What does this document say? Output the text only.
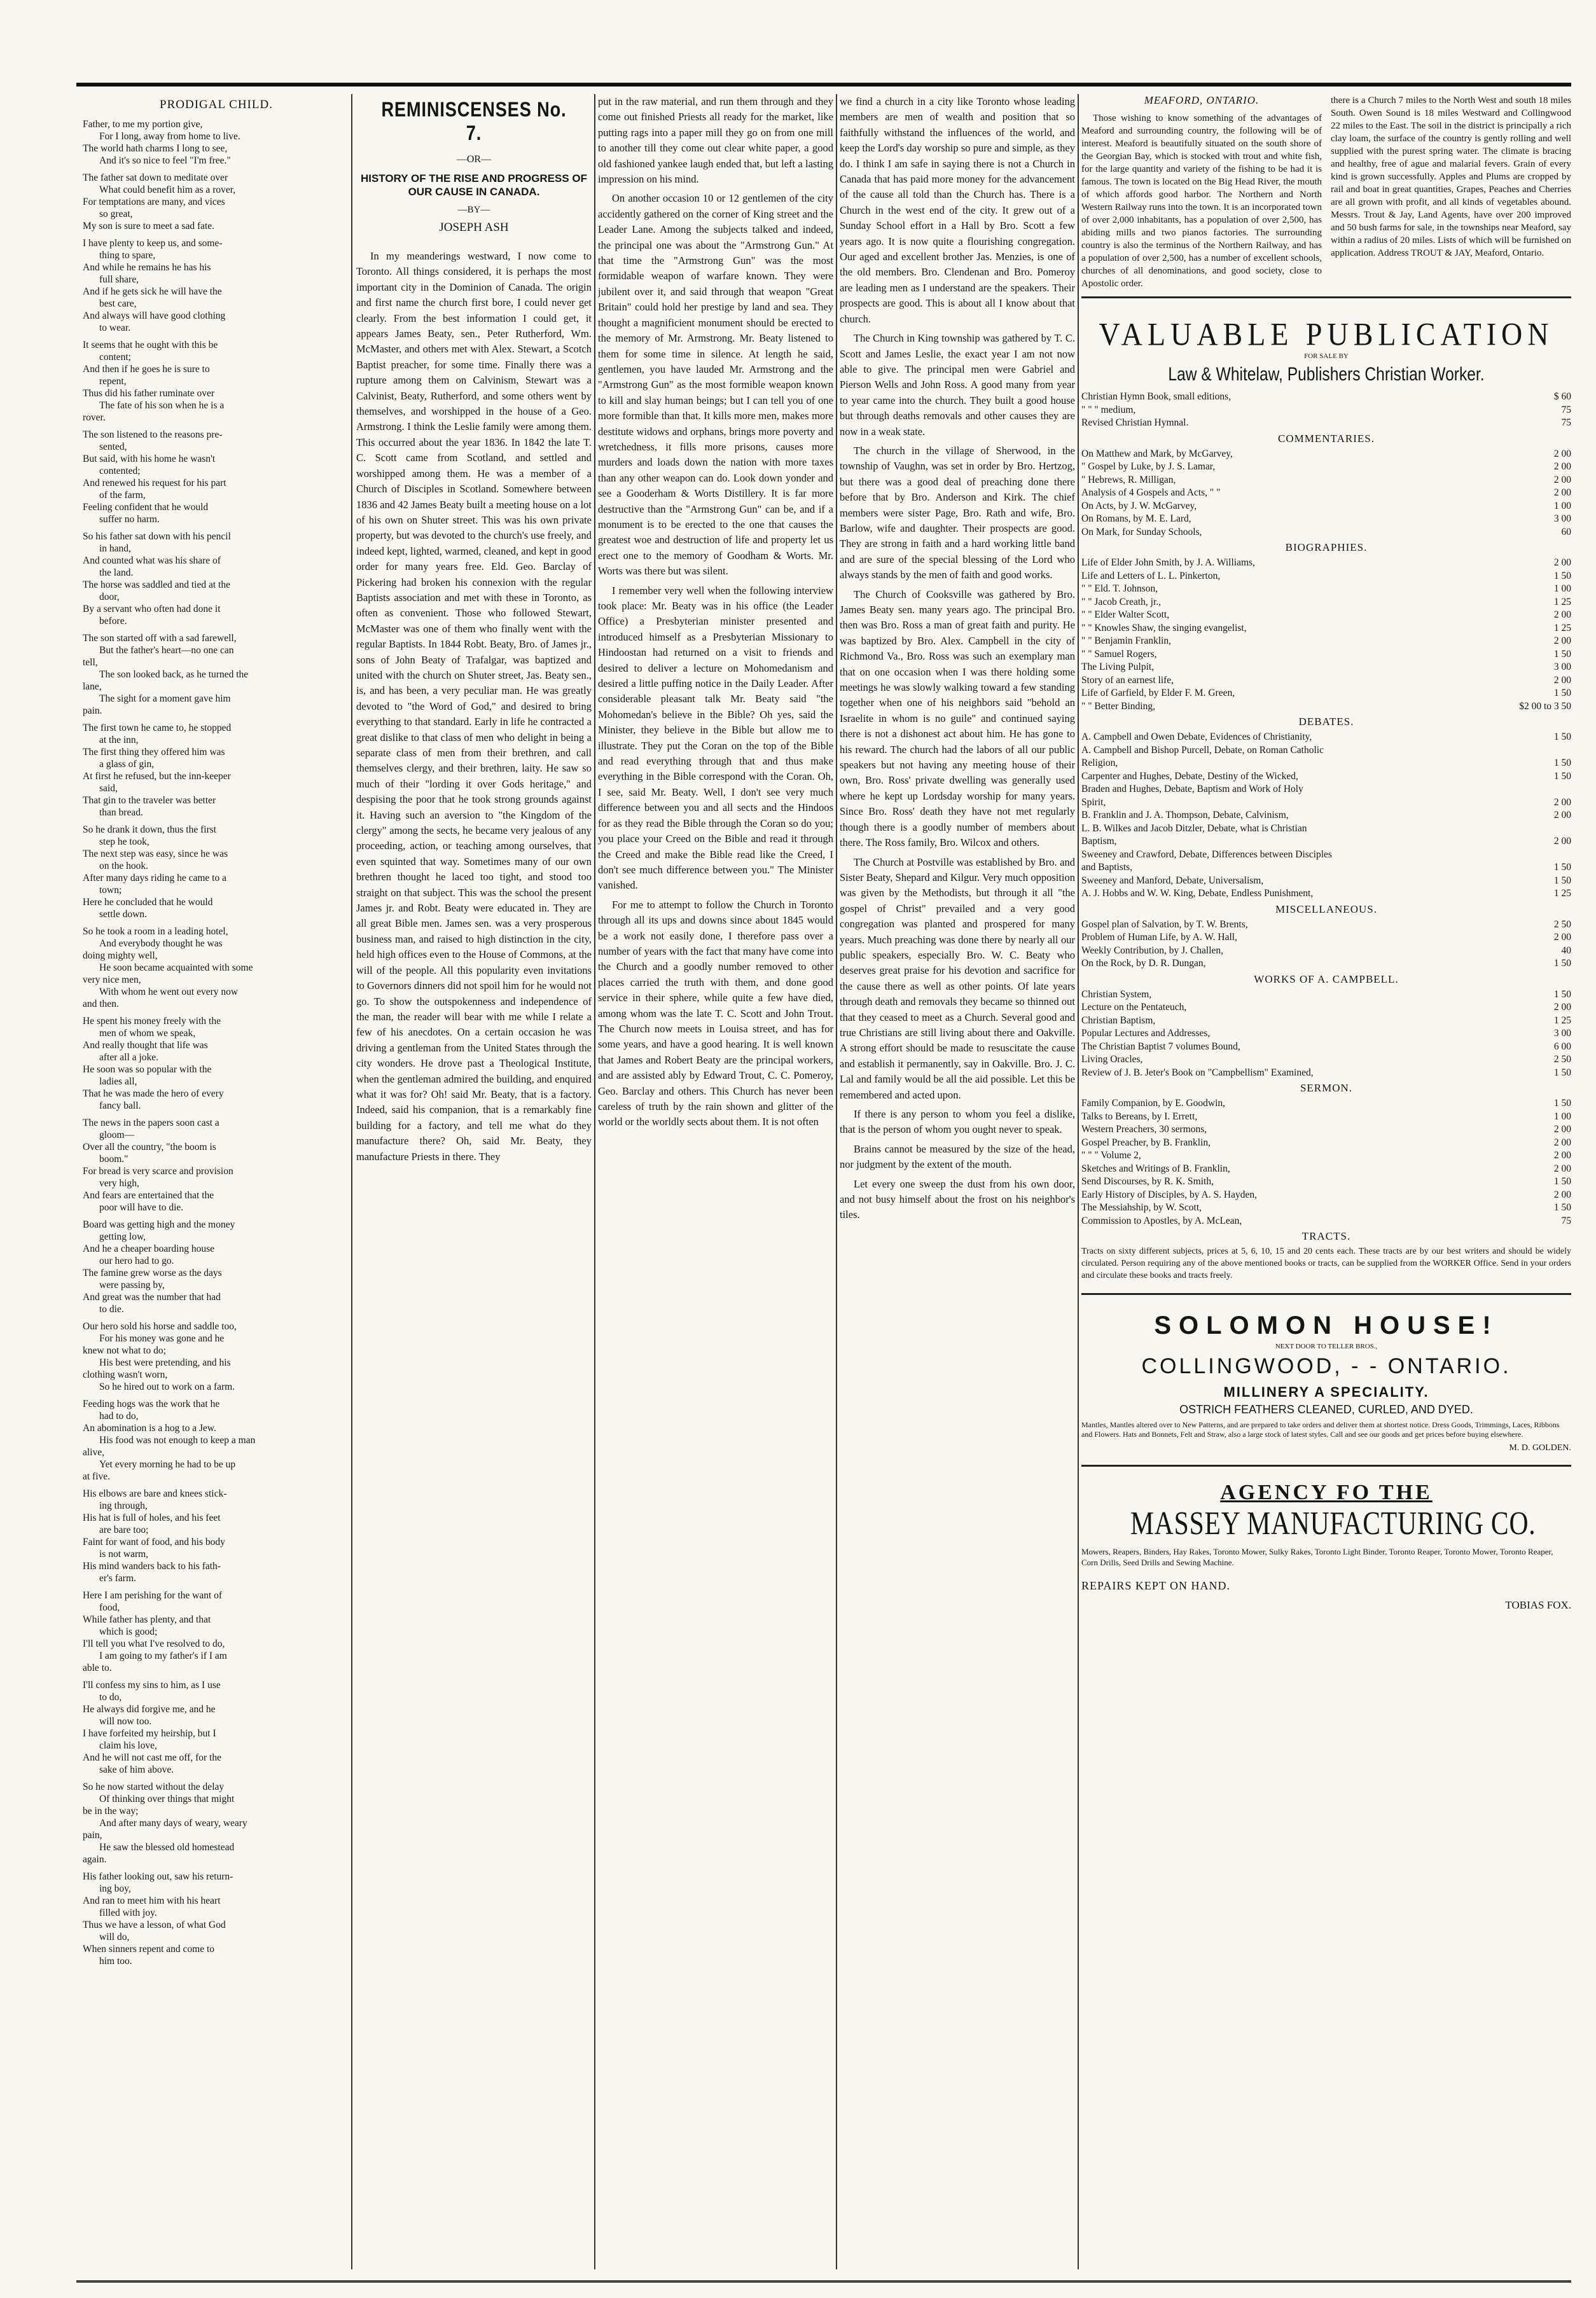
PRODIGAL CHILD.

Father, to me my portion give,

For I long, away from home to live.

The world hath charms I long to see,

And it's so nice to feel "I'm free."

The father sat down to meditate over

What could benefit him as a rover,

For temptations are many, and vices

so great,

My son is sure to meet a sad fate.

I have plenty to keep us, and some-

thing to spare,

And while he remains he has his

full share,

And if he gets sick he will have the

best care,

And always will have good clothing

to wear.

It seems that he ought with this be

content;

And then if he goes he is sure to

repent,

Thus did his father ruminate over

The fate of his son when he is a

rover.

The son listened to the reasons pre-

sented,

But said, with his home he wasn't

contented;

And renewed his request for his part

of the farm,

Feeling confident that he would

suffer no harm.

So his father sat down with his pencil

in hand,

And counted what was his share of

the land.

The horse was saddled and tied at the

door,

By a servant who often had done it

before.

The son started off with a sad farewell,

But the father's heart—no one can

tell,

The son looked back, as he turned the

lane,

The sight for a moment gave him

pain.

The first town he came to, he stopped

at the inn,

The first thing they offered him was

a glass of gin,

At first he refused, but the inn-keeper

said,

That gin to the traveler was better

than bread.

So he drank it down, thus the first

step he took,

The next step was easy, since he was

on the hook.

After many days riding he came to a

town;

Here he concluded that he would

settle down.

So he took a room in a leading hotel,

And everybody thought he was

doing mighty well,

He soon became acquainted with some

very nice men,

With whom he went out every now

and then.

He spent his money freely with the

men of whom we speak,

And really thought that life was

after all a joke.

He soon was so popular with the

ladies all,

That he was made the hero of every

fancy ball.

The news in the papers soon cast a

gloom—

Over all the country, "the boom is

boom."

For bread is very scarce and provision

very high,

And fears are entertained that the

poor will have to die.

Board was getting high and the money

getting low,

And he a cheaper boarding house

our hero had to go.

The famine grew worse as the days

were passing by,

And great was the number that had

to die.

Our hero sold his horse and saddle too,

For his money was gone and he

knew not what to do;

His best were pretending, and his

clothing wasn't worn,

So he hired out to work on a farm.

Feeding hogs was the work that he

had to do,

An abomination is a hog to a Jew.

His food was not enough to keep a man

alive,

Yet every morning he had to be up

at five.

His elbows are bare and knees stick-

ing through,

His hat is full of holes, and his feet

are bare too;

Faint for want of food, and his body

is not warm,

His mind wanders back to his fath-

er's farm.

Here I am perishing for the want of

food,

While father has plenty, and that

which is good;

I'll tell you what I've resolved to do,

I am going to my father's if I am

able to.

I'll confess my sins to him, as I use

to do,

He always did forgive me, and he

will now too.

I have forfeited my heirship, but I

claim his love,

And he will not cast me off, for the

sake of him above.

So he now started without the delay

Of thinking over things that might

be in the way;

And after many days of weary, weary

pain,

He saw the blessed old homestead

again.

His father looking out, saw his return-

ing boy,

And ran to meet him with his heart

filled with joy.

Thus we have a lesson, of what God

will do,

When sinners repent and come to

him too.

REMINISCENSES No. 7.
—OR—
HISTORY OF THE RISE AND PROGRESS OF OUR CAUSE IN CANADA.
—BY—
JOSEPH ASH

In my meanderings westward, I now come to Toronto. All things considered, it is perhaps the most important city in the Dominion of Canada. The origin and first name the church first bore, I could never get clearly. From the best information I could get, it appears James Beaty, sen., Peter Rutherford, Wm. McMaster, and others met with Alex. Stewart, a Scotch Baptist preacher, for some time. Finally there was a rupture among them on Calvinism, Stewart was a Calvinist, Beaty, Rutherford, and some others went by themselves, and worshipped in the house of a Geo. Armstrong. I think the Leslie family were among them. This occurred about the year 1836. In 1842 the late T. C. Scott came from Scotland, and settled and worshipped among them. He was a member of a Church of Disciples in Scotland. Somewhere between 1836 and 42 James Beaty built a meeting house on a lot of his own on Shuter street. This was his own private property, but was devoted to the church's use freely, and indeed kept, lighted, warmed, cleaned, and kept in good order for many years free. Eld. Geo. Barclay of Pickering had broken his connexion with the regular Baptists association and met with these in Toronto, as often as convenient. Those who followed Stewart, McMaster was one of them who finally went with the regular Baptists. In 1844 Robt. Beaty, Bro. of James jr., sons of John Beaty of Trafalgar, was baptized and united with the church on Shuter street, Jas. Beaty sen., is, and has been, a very peculiar man. He was greatly devoted to "the Word of God," and desired to bring everything to that standard. Early in life he contracted a great dislike to that class of men who delight in being a separate class of men from their brethren, and call themselves clergy, and their brethren, laity. He saw so much of their "lording it over Gods heritage," and despising the poor that he took strong grounds against it. Having such an aversion to "the Kingdom of the clergy" among the sects, he became very jealous of any proceeding, action, or teaching among ourselves, that even squinted that way. Sometimes many of our own brethren thought he laced too tight, and stood too straight on that subject. This was the school the present James jr. and Robt. Beaty were educated in. They are all great Bible men. James sen. was a very prosperous business man, and raised to high distinction in the city, held high offices even to the House of Commons, at the will of the people. All this popularity even invitations to Governors dinners did not spoil him for he would not go. To show the outspokenness and independence of the man, the reader will bear with me while I relate a few of his anecdotes. On a certain occasion he was driving a gentleman from the United States through the city wonders. He drove past a Theological Institute, when the gentleman admired the building, and enquired what it was for? Oh! said Mr. Beaty, that is a factory. Indeed, said his companion, that is a remarkably fine building for a factory, and tell me what do they manufacture there? Oh, said Mr. Beaty, they manufacture Priests in there. They

put in the raw material, and run them through and they come out finished Priests all ready for the market, like putting rags into a paper mill they go on from one mill to another till they come out clear white paper, a good old fashioned yankee laugh ended that, but left a lasting impression on his mind.

On another occasion 10 or 12 gentlemen of the city accidently gathered on the corner of King street and the Leader Lane. Among the subjects talked and indeed, the principal one was about the "Armstrong Gun." At that time the "Armstrong Gun" was the most formidable weapon of warfare known. They were jubilent over it, and said through that weapon "Great Britain" could hold her prestige by land and sea. They thought a magnificient monument should be erected to the memory of Mr. Armstrong. Mr. Beaty listened to them for some time in silence. At length he said, gentlemen, you have lauded Mr. Armstrong and the "Armstrong Gun" as the most formible weapon known to kill and slay human beings; but I can tell you of one more formible than that. It kills more men, makes more destitute widows and orphans, brings more poverty and wretchedness, it fills more prisons, causes more murders and loads down the nation with more taxes than any other weapon can do. Look down yonder and see a Gooderham & Worts Distillery. It is far more destructive than the "Armstrong Gun" can be, and if a monument is to be erected to the one that causes the greatest woe and destruction of life and property let us erect one to the memory of Goodham & Worts. Mr. Worts was there but was silent.

I remember very well when the following interview took place: Mr. Beaty was in his office (the Leader Office) a Presbyterian minister presented and introduced himself as a Presbyterian Missionary to Hindoostan had returned on a visit to friends and desired to deliver a lecture on Mohomedanism and desired a little puffing notice in the Daily Leader. After considerable pleasant talk Mr. Beaty said "the Mohomedan's believe in the Bible? Oh yes, said the Minister, they believe in the Bible but allow me to illustrate. They put the Coran on the top of the Bible and read everything through that and thus make everything in the Bible correspond with the Coran. Oh, I see, said Mr. Beaty. Well, I don't see very much difference between you and all sects and the Hindoos for as they read the Bible through the Coran so do you; you place your Creed on the Bible and read it through the Creed and make the Bible read like the Creed, I don't see much difference between you." The Minister vanished.

For me to attempt to follow the Church in Toronto through all its ups and downs since about 1845 would be a work not easily done, I therefore pass over a number of years with the fact that many have come into the Church and a goodly number removed to other places carried the truth with them, and done good service in their sphere, while quite a few have died, among whom was the late T. C. Scott and John Trout. The Church now meets in Louisa street, and has for some years, and have a good hearing. It is well known that James and Robert Beaty are the principal workers, and are assisted ably by Edward Trout, C. C. Pomeroy, Geo. Barclay and others. This Church has never been careless of truth by the rain shown and glitter of the world or the worldly sects about them. It is not often

we find a church in a city like Toronto whose leading members are men of wealth and position that so faithfully withstand the influences of the world, and keep the Lord's day worship so pure and simple, as they do. I think I am safe in saying there is not a Church in Canada that has paid more money for the advancement of the cause all told than the Church has. There is a Church in the west end of the city. It grew out of a Sunday School effort in a Hall by Bro. Scott a few years ago. It is now quite a flourishing congregation. Our aged and excellent brother Jas. Menzies, is one of the old members. Bro. Clendenan and Bro. Pomeroy are leading men as I understand are the speakers. Their prospects are good. This is about all I know about that church.

The Church in King township was gathered by T. C. Scott and James Leslie, the exact year I am not now able to give. The principal men were Gabriel and Pierson Wells and John Ross. A good many from year to year came into the church. They built a good house but through deaths removals and other causes they are now in a weak state.

The church in the village of Sherwood, in the township of Vaughn, was set in order by Bro. Hertzog, but there was a good deal of preaching done there before that by Bro. Anderson and Kirk. The chief members were sister Page, Bro. Rath and wife, Bro. Barlow, wife and daughter. Their prospects are good. They are strong in faith and a hard working little band and are sure of the special blessing of the Lord who always stands by the men of faith and good works.

The Church of Cooksville was gathered by Bro. James Beaty sen. many years ago. The principal Bro. then was Bro. Ross a man of great faith and purity. He was baptized by Bro. Alex. Campbell in the city of Richmond Va., Bro. Ross was such an exemplary man that on one occasion when I was there holding some meetings he was slowly walking toward a few standing together when one of his neighbors said "behold an Israelite in whom is no guile" and continued saying there is not a dishonest act about him. He has gone to his reward. The church had the labors of all our public speakers but not having any meeting house of their own, Bro. Ross' private dwelling was generally used where he kept up Lordsday worship for many years. Since Bro. Ross' death they have not met regularly though there is a goodly number of members about there. The Ross family, Bro. Wilcox and others.

The Church at Postville was established by Bro. and Sister Beaty, Shepard and Kilgur. Very much opposition was given by the Methodists, but through it all "the gospel of Christ" prevailed and a very good congregation was planted and prospered for many years. Much preaching was done there by nearly all our public speakers, especially Bro. W. C. Beaty who deserves great praise for his devotion and sacrifice for the cause there as well as other points. Of late years through death and removals they became so thinned out that they ceased to meet as a Church. Several good and true Christians are still living about there and Oakville. A strong effort should be made to resuscitate the cause and establish it permanently, say in Oakville. Bro. J. C. Lal and family would be all the aid possible. Let this be remembered and acted upon.

If there is any person to whom you feel a dislike, that is the person of whom you ought never to speak.

Brains cannot be measured by the size of the head, nor judgment by the extent of the mouth.

Let every one sweep the dust from his own door, and not busy himself about the frost on his neighbor's tiles.

MEAFORD, ONTARIO.

Those wishing to know something of the advantages of Meaford and surrounding country, the following will be of interest. Meaford is beautifully situated on the south shore of the Georgian Bay, which is stocked with trout and white fish, for the large quantity and variety of the fishing to be had it is famous. The town is located on the Big Head River, the mouth of which affords good harbor. The Northern and North Western Railway runs into the town. It is an incorporated town of over 2,000 inhabitants, has a population of over 2,500, has abiding mills and two pianos factories. The surrounding country is also the terminus of the Northern Railway, and has a population of over 2,500, has a number of excellent schools, churches of all denominations, and good society, close to Apostolic order.

there is a Church 7 miles to the North West and south 18 miles South. Owen Sound is 18 miles Westward and Collingwood 22 miles to the East. The soil in the district is principally a rich clay loam, the surface of the country is gently rolling and well supplied with the purest spring water. The climate is bracing and healthy, free of ague and malarial fevers. Grain of every kind is grown successfully. Apples and Plums are cropped by rail and boat in great quantities, Grapes, Peaches and Cherries are all grown with profit, and all kinds of vegetables abound. Messrs. Trout & Jay, Land Agents, have over 200 improved and 50 bush farms for sale, in the townships near Meaford, say within a radius of 20 miles. Lists of which will be furnished on application. Address TROUT & JAY, Meaford, Ontario.

VALUABLE PUBLICATION
FOR SALE BY
Law & Whitelaw, Publishers Christian Worker.
Christian Hymn Book, small editions,	$ 60
" " " medium,	75
Revised Christian Hymnal.	75
COMMENTARIES.
On Matthew and Mark, by McGarvey,	2 00
" Gospel by Luke, by J. S. Lamar,	2 00
" Hebrews, R. Milligan,	2 00
Analysis of 4 Gospels and Acts, " "	2 00
On Acts, by J. W. McGarvey,	1 00
On Romans, by M. E. Lard,	3 00
On Mark, for Sunday Schools,	60
BIOGRAPHIES.
Life of Elder John Smith, by J. A. Williams,	2 00
Life and Letters of L. L. Pinkerton,	1 50
" " Eld. T. Johnson,	1 00
" " Jacob Creath, jr.,	1 25
" " Elder Walter Scott,	2 00
" " Knowles Shaw, the singing evangelist,	1 25
" " Benjamin Franklin,	2 00
" " Samuel Rogers,	1 50
The Living Pulpit,	3 00
Story of an earnest life,	2 00
Life of Garfield, by Elder F. M. Green,	1 50
" " Better Binding,	$2 00 to 3 50
DEBATES.
A. Campbell and Owen Debate, Evidences of Christianity,	1 50
A. Campbell and Bishop Purcell, Debate, on Roman Catholic
Religion,	1 50
Carpenter and Hughes, Debate, Destiny of the Wicked,	1 50
Braden and Hughes, Debate, Baptism and Work of Holy
Spirit,	2 00
B. Franklin and J. A. Thompson, Debate, Calvinism,	2 00
L. B. Wilkes and Jacob Ditzler, Debate, what is Christian
Baptism,	2 00
Sweeney and Crawford, Debate, Differences between Disciples
and Baptists,	1 50
Sweeney and Manford, Debate, Universalism,	1 50
A. J. Hobbs and W. W. King, Debate, Endless Punishment,	1 25
MISCELLANEOUS.
Gospel plan of Salvation, by T. W. Brents,	2 50
Problem of Human Life, by A. W. Hall,	2 00
Weekly Contribution, by J. Challen,	40
On the Rock, by D. R. Dungan,	1 50
WORKS OF A. CAMPBELL.
Christian System,	1 50
Lecture on the Pentateuch,	2 00
Christian Baptism,	1 25
Popular Lectures and Addresses,	3 00
The Christian Baptist 7 volumes Bound,	6 00
Living Oracles,	2 50
Review of J. B. Jeter's Book on "Campbellism" Examined,	1 50
SERMON.
Family Companion, by E. Goodwin,	1 50
Talks to Bereans, by I. Errett,	1 00
Western Preachers, 30 sermons,	2 00
Gospel Preacher, by B. Franklin,	2 00
" " " Volume 2,	2 00
Sketches and Writings of B. Franklin,	2 00
Send Discourses, by R. K. Smith,	1 50
Early History of Disciples, by A. S. Hayden,	2 00
The Messiahship, by W. Scott,	1 50
Commission to Apostles, by A. McLean,	75
TRACTS.

Tracts on sixty different subjects, prices at 5, 6, 10, 15 and 20 cents each. These tracts are by our best writers and should be widely circulated. Person requiring any of the above mentioned books or tracts, can be supplied from the WORKER Office. Send in your orders and circulate these books and tracts freely.

SOLOMON HOUSE!
NEXT DOOR TO TELLER BROS.,
COLLINGWOOD, - - ONTARIO.
MILLINERY A SPECIALITY.
OSTRICH FEATHERS CLEANED, CURLED, AND DYED.

Mantles, Mantles altered over to New Patterns, and are prepared to take orders and deliver them at shortest notice. Dress Goods, Trimmings, Laces, Ribbons and Flowers. Hats and Bonnets, Felt and Straw, also a large stock of latest styles. Call and see our goods and get prices before buying elsewhere.

M. D. GOLDEN.
AGENCY FO THE
MASSEY MANUFACTURING CO.

Mowers, Reapers, Binders, Hay Rakes, Toronto Mower, Sulky Rakes, Toronto Light Binder, Toronto Reaper, Toronto Mower, Toronto Reaper, Corn Drills, Seed Drills and Sewing Machine.

REPAIRS KEPT ON HAND.
TOBIAS FOX.
